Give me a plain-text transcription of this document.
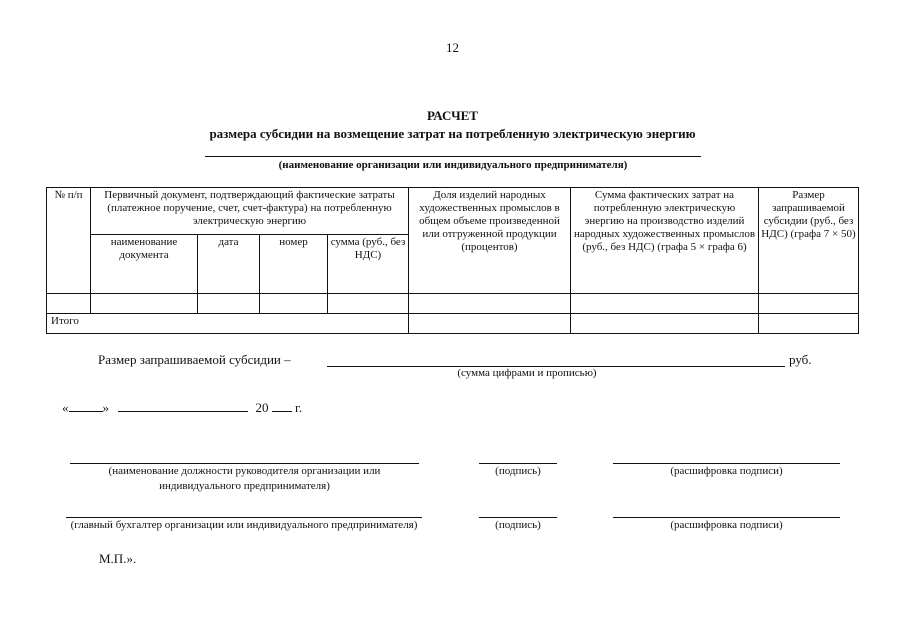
12
РАСЧЕТ
размера субсидии на возмещение затрат на потребленную электрическую энергию
(наименование организации или индивидуального предпринимателя)
№ п/п	Первичный документ, подтверждающий фактические затраты (платежное поручение, счет, счет-фактура) на потребленную электрическую энергию				Доля изделий народных художественных промыслов в общем объеме произведенной или отгруженной продукции (процентов)	Сумма фактических затрат на потребленную электрическую энергию на производство изделий народных художественных промыслов (руб., без НДС) (графа 5 × графа 6)	Размер запрашиваемой субсидии (руб., без НДС) (графа 7 × 50)
	наименование документа	дата	номер	сумма (руб., без НДС)			

Итого							
Размер запрашиваемой субсидии –	руб.
(сумма цифрами и прописью)
«	»	20 г.
(наименование должности руководителя организации или индивидуального предпринимателя)
(подпись)	(расшифровка подписи)
(главный бухгалтер организации или индивидуального предпринимателя)	(подпись)	(расшифровка подписи)
М.П.».
